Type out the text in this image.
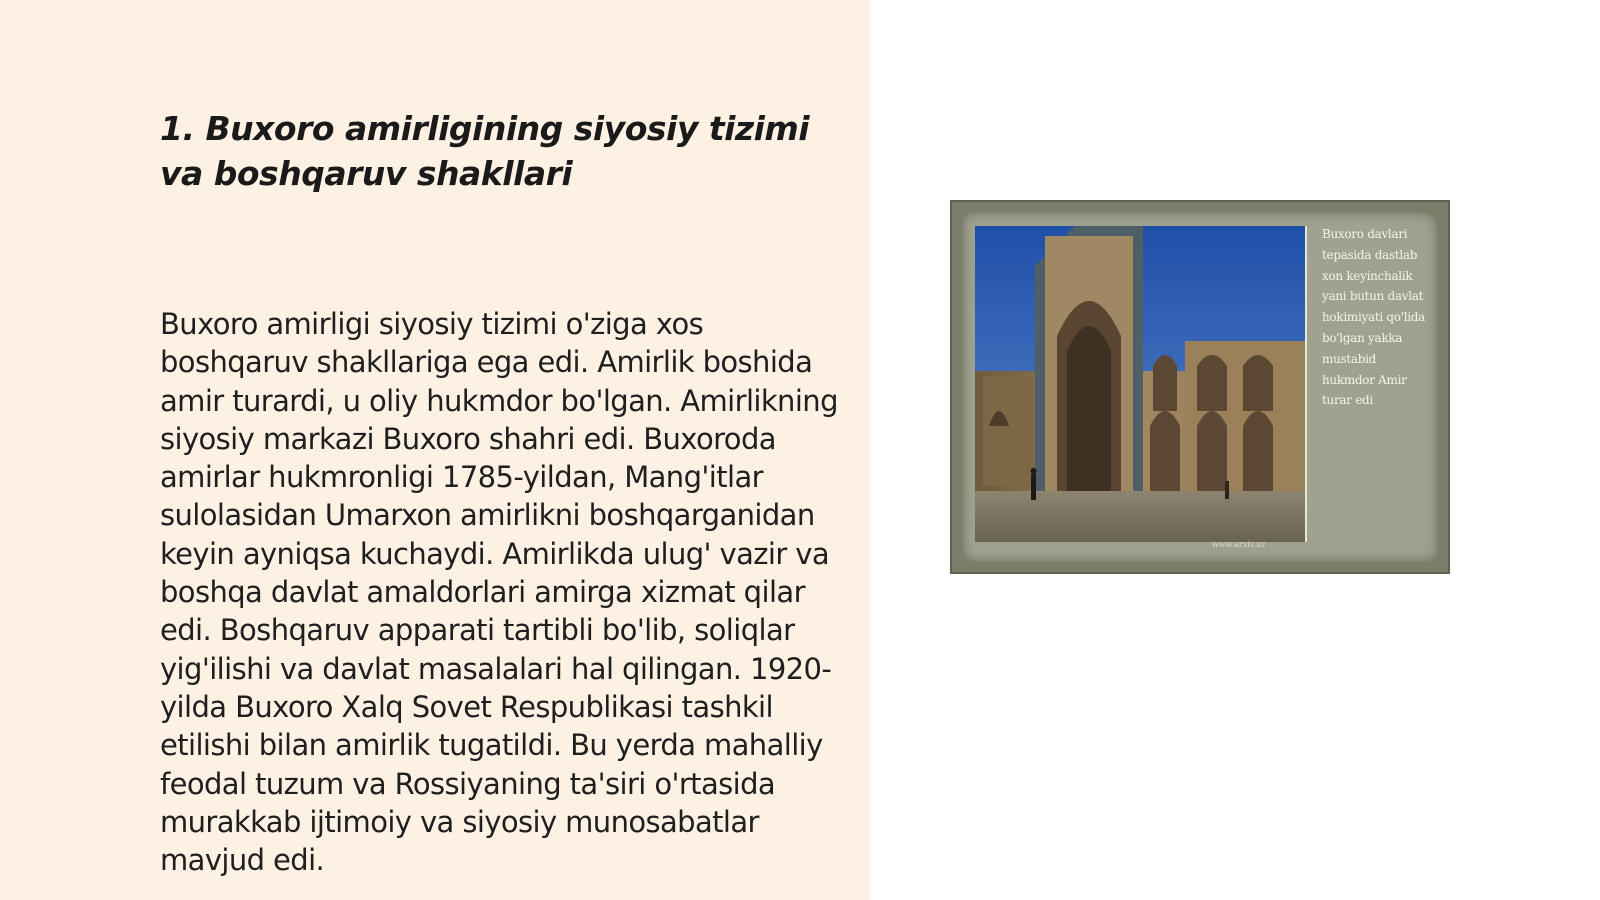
1. Buxoro amirligining siyosiy tizimi va boshqaruv shakllari

Buxoro amirligi siyosiy tizimi o'ziga xos boshqaruv shakllariga ega edi. Amirlik boshida amir turardi, u oliy hukmdor bo'lgan. Amirlikning siyosiy markazi Buxoro shahri edi. Buxoroda amirlar hukmronligi 1785-yildan, Mang'itlar sulolasidan Umarxon amirlikni boshqarganidan keyin ayniqsa kuchaydi. Amirlikda ulug' vazir va boshqa davlat amaldorlari amirga xizmat qilar edi. Boshqaruv apparati tartibli bo'lib, soliqlar yig'ilishi va davlat masalalari hal qilingan. 1920-yilda Buxoro Xalq Sovet Respublikasi tashkil etilishi bilan amirlik tugatildi. Bu yerda mahalliy feodal tuzum va Rossiyaning ta'siri o'rtasida murakkab ijtimoiy va siyosiy munosabatlar mavjud edi.

Buxoro davlari tepasida dastlab xon keyinchalik yani butun davlat hokimiyati qo'lida bo'lgan yakka mustabid hukmdor Amir turar edi
www.arxiv.uz
